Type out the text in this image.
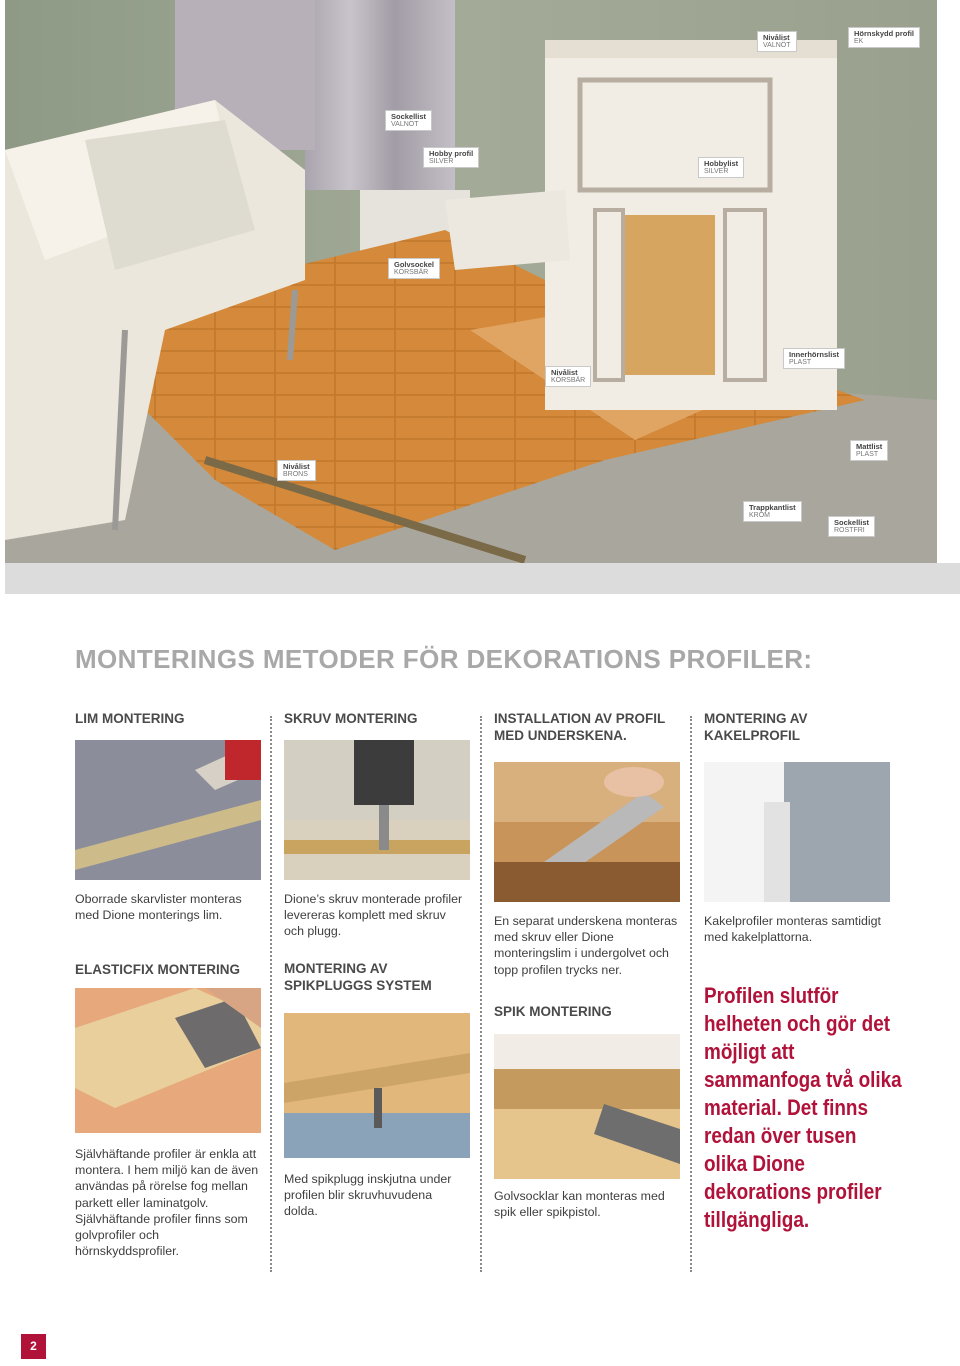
Nivålist
VALNÖT
Hörnskydd profil
EK
Sockellist
VALNÖT
Hobby profil
SILVER	Hobbylist
SILVER
Golvsockel
KÖRSBÄR
Innerhörnslist
PLAST
Nivålist
KÖRSBÄR
Mattlist
PLAST
Nivålist
BRONS
Trappkantlist
KROM
Sockellist
ROSTFRI
MONTERINGS METODER FÖR DEKORATIONS PROFILER:
LIM MONTERING
Oborrade skarvlister monteras med Dione monterings lim.
ELASTICFIX MONTERING
Självhäftande profiler är enkla att montera. I hem miljö kan de även användas på rörelse fog mellan parkett eller laminatgolv. Självhäftande profiler finns som golvprofiler och hörnskyddsprofiler.
SKRUV MONTERING
Dione’s skruv monterade profiler levereras komplett med skruv och plugg.
MONTERING AV SPIKPLUGGS SYSTEM
Med spikplugg inskjutna under profilen blir skruvhuvudena dolda.
INSTALLATION AV PROFIL MED UNDERSKENA.
En separat underskena monteras med skruv eller Dione monteringslim i undergolvet och topp profilen trycks ner.
SPIK MONTERING
Golvsocklar kan monteras med spik eller spikpistol.
MONTERING AV KAKELPROFIL
Kakelprofiler monteras samtidigt med kakelplattorna.
Profilen slutför helheten och gör det möjligt att sammanfoga två olika material. Det finns redan över tusen olika Dione dekorations profiler tillgängliga.
2
